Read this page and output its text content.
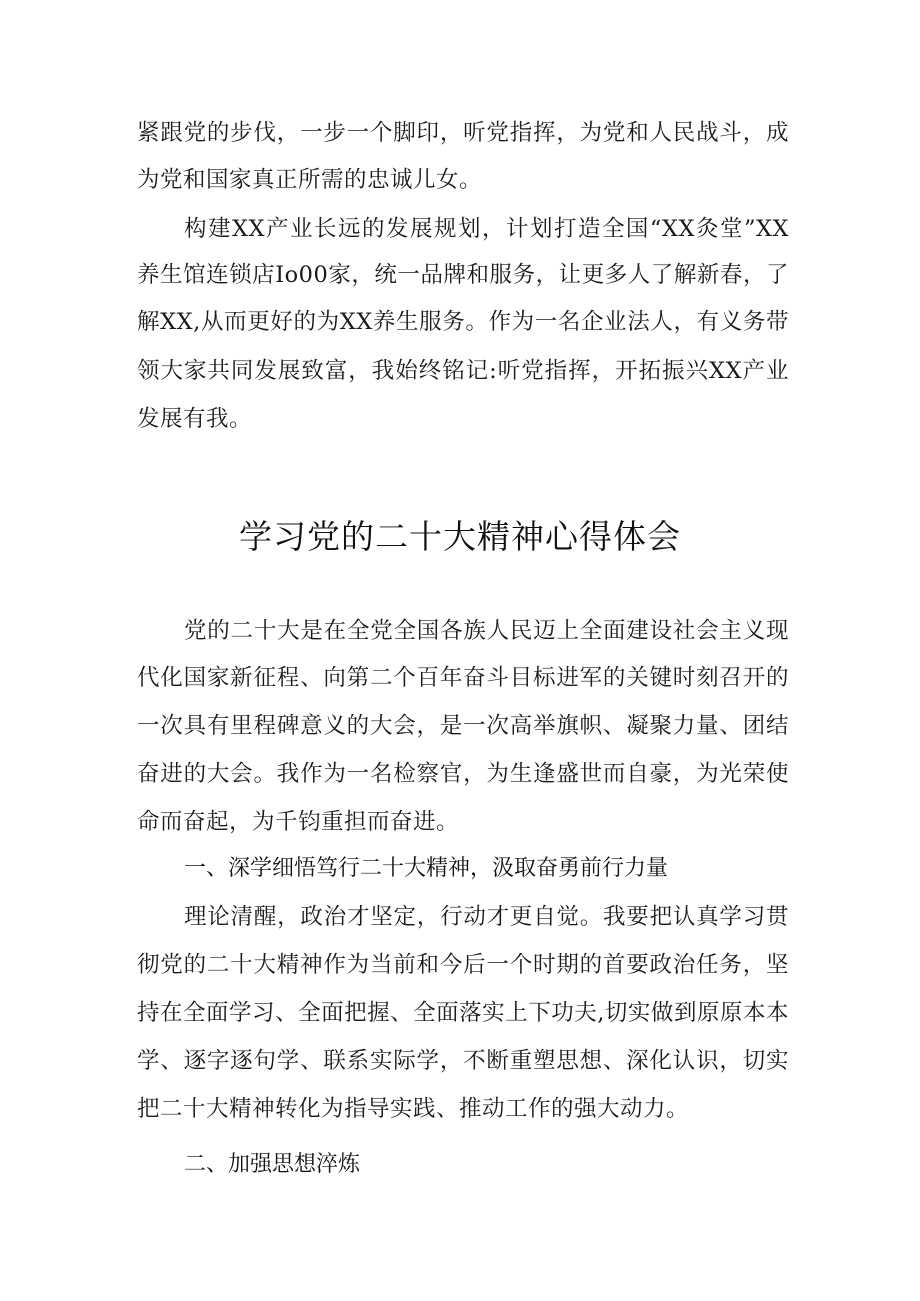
紧跟党的步伐，一步一个脚印，听党指挥，为党和人民战斗，成
为党和国家真正所需的忠诚儿女。
构建XX产业长远的发展规划，计划打造全国“XX灸堂”XX
养生馆连锁店Io00家，统一品牌和服务，让更多人了解新春，了
解XX,从而更好的为XX养生服务。作为一名企业法人，有义务带
领大家共同发展致富，我始终铭记:听党指挥，开拓振兴XX产业
发展有我。
学习党的二十大精神心得体会
党的二十大是在全党全国各族人民迈上全面建设社会主义现
代化国家新征程、向第二个百年奋斗目标进军的关键时刻召开的
一次具有里程碑意义的大会，是一次高举旗帜、凝聚力量、团结
奋进的大会。我作为一名检察官，为生逢盛世而自豪，为光荣使
命而奋起，为千钧重担而奋进。
一、深学细悟笃行二十大精神，汲取奋勇前行力量
理论清醒，政治才坚定，行动才更自觉。我要把认真学习贯
彻党的二十大精神作为当前和今后一个时期的首要政治任务，坚
持在全面学习、全面把握、全面落实上下功夫,切实做到原原本本
学、逐字逐句学、联系实际学，不断重塑思想、深化认识，切实
把二十大精神转化为指导实践、推动工作的强大动力。
二、加强思想淬炼
